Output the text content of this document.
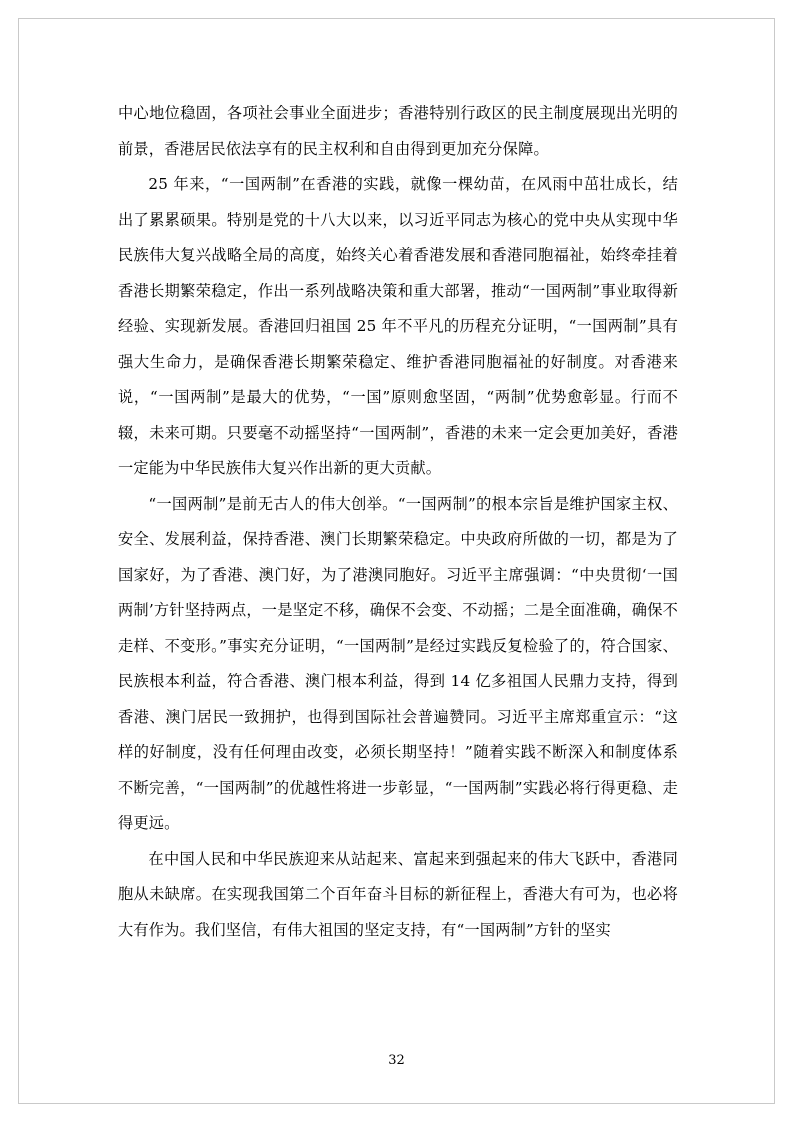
中心地位稳固，各项社会事业全面进步；香港特别行政区的民主制度展现出光明的前景，香港居民依法享有的民主权利和自由得到更加充分保障。

25 年来，“一国两制”在香港的实践，就像一棵幼苗，在风雨中茁壮成长，结出了累累硕果。特别是党的十八大以来，以习近平同志为核心的党中央从实现中华民族伟大复兴战略全局的高度，始终关心着香港发展和香港同胞福祉，始终牵挂着香港长期繁荣稳定，作出一系列战略决策和重大部署，推动“一国两制”事业取得新经验、实现新发展。香港回归祖国 25 年不平凡的历程充分证明，“一国两制”具有强大生命力，是确保香港长期繁荣稳定、维护香港同胞福祉的好制度。对香港来说，“一国两制”是最大的优势，“一国”原则愈坚固，“两制”优势愈彰显。行而不辍，未来可期。只要毫不动摇坚持“一国两制”，香港的未来一定会更加美好，香港一定能为中华民族伟大复兴作出新的更大贡献。

“一国两制”是前无古人的伟大创举。“一国两制”的根本宗旨是维护国家主权、安全、发展利益，保持香港、澳门长期繁荣稳定。中央政府所做的一切，都是为了国家好，为了香港、澳门好，为了港澳同胞好。习近平主席强调：“中央贯彻‘一国两制’方针坚持两点，一是坚定不移，确保不会变、不动摇；二是全面准确，确保不走样、不变形。”事实充分证明，“一国两制”是经过实践反复检验了的，符合国家、民族根本利益，符合香港、澳门根本利益，得到 14 亿多祖国人民鼎力支持，得到香港、澳门居民一致拥护，也得到国际社会普遍赞同。习近平主席郑重宣示：“这样的好制度，没有任何理由改变，必须长期坚持！”随着实践不断深入和制度体系不断完善，“一国两制”的优越性将进一步彰显，“一国两制”实践必将行得更稳、走得更远。

在中国人民和中华民族迎来从站起来、富起来到强起来的伟大飞跃中，香港同胞从未缺席。在实现我国第二个百年奋斗目标的新征程上，香港大有可为，也必将大有作为。我们坚信，有伟大祖国的坚定支持，有“一国两制”方针的坚实

32
